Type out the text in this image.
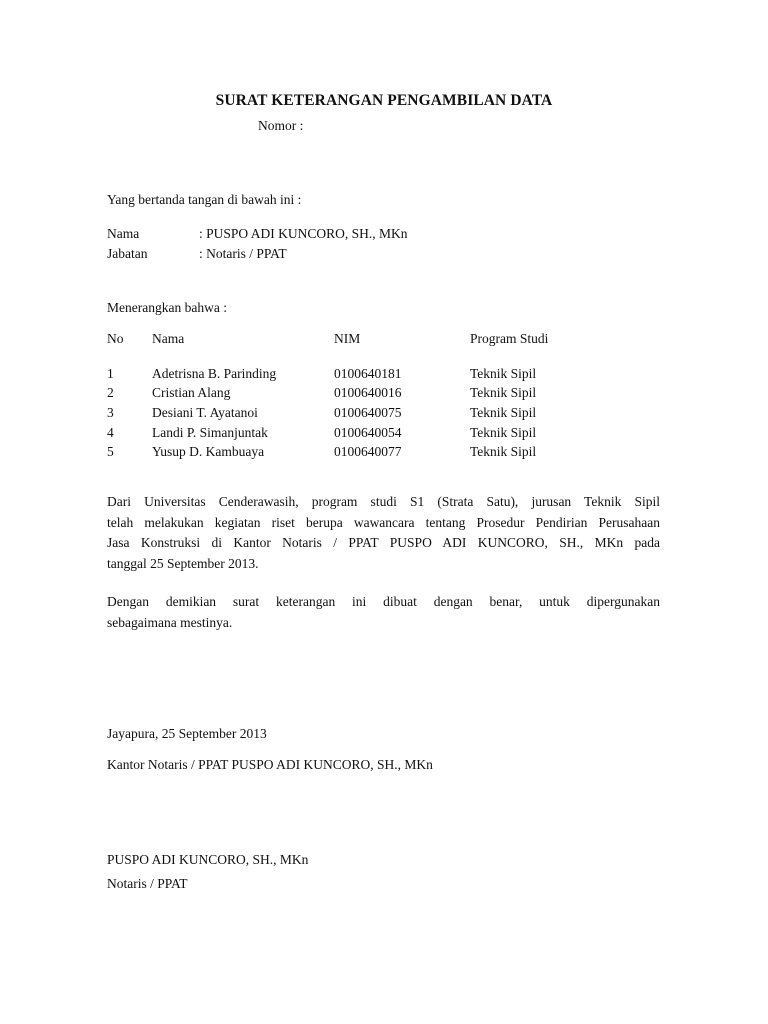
SURAT KETERANGAN PENGAMBILAN DATA
Nomor :
Yang bertanda tangan di bawah ini :
Nama	: PUSPO ADI KUNCORO, SH., MKn
Jabatan	: Notaris / PPAT
Menerangkan bahwa :
No Nama	NIM	Program Studi
1	Adetrisna B. Parinding	0100640181	Teknik Sipil
2	Cristian Alang	0100640016	Teknik Sipil
3	Desiani T. Ayatanoi	0100640075	Teknik Sipil
4	Landi P. Simanjuntak	0100640054	Teknik Sipil
5	Yusup D. Kambuaya	0100640077	Teknik Sipil
Dari Universitas Cenderawasih, program studi S1 (Strata Satu), jurusan Teknik Sipil
telah melakukan kegiatan riset berupa wawancara tentang Prosedur Pendirian Perusahaan
Jasa Konstruksi di Kantor Notaris / PPAT PUSPO ADI KUNCORO, SH., MKn pada
tanggal 25 September 2013.
Dengan demikian surat keterangan ini dibuat dengan benar, untuk dipergunakan
sebagaimana mestinya.
Jayapura, 25 September 2013
Kantor Notaris / PPAT PUSPO ADI KUNCORO, SH., MKn
PUSPO ADI KUNCORO, SH., MKn
Notaris / PPAT
